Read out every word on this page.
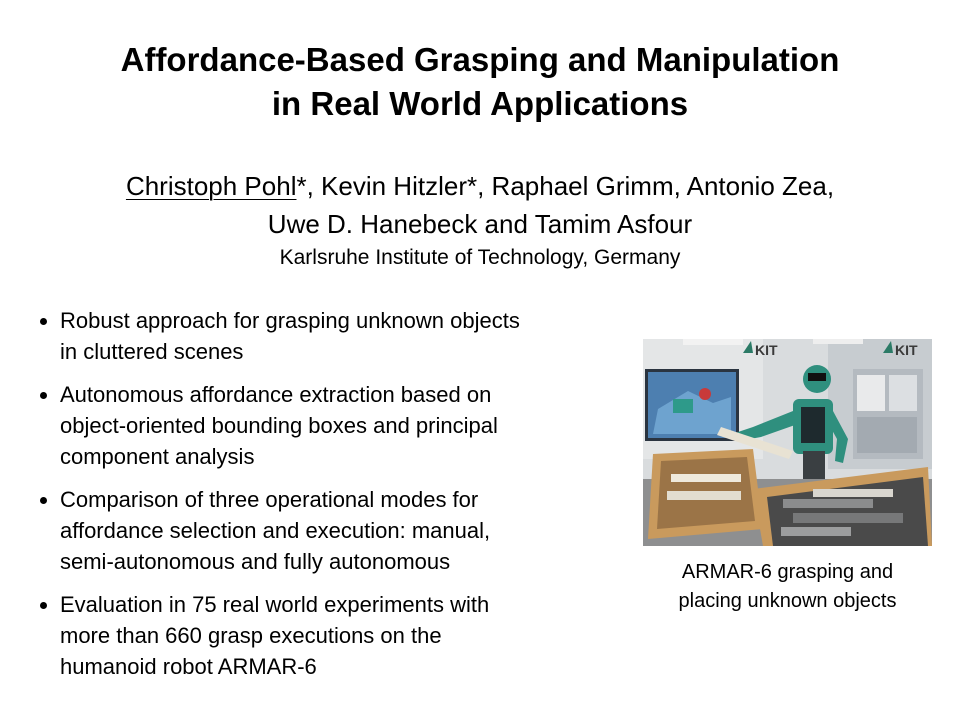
Affordance-Based Grasping and Manipulation
in Real World Applications
Christoph Pohl*, Kevin Hitzler*, Raphael Grimm, Antonio Zea,
Uwe D. Hanebeck and Tamim Asfour
Karlsruhe Institute of Technology, Germany
Robust approach for grasping unknown objects
in cluttered scenes
Autonomous affordance extraction based on
object-oriented bounding boxes and principal
component analysis
Comparison of three operational modes for
affordance selection and execution: manual,
semi-autonomous and fully autonomous
Evaluation in 75 real world experiments with
more than 660 grasp executions on the
humanoid robot ARMAR-6
KIT	KIT
ARMAR-6 grasping and
placing unknown objects
